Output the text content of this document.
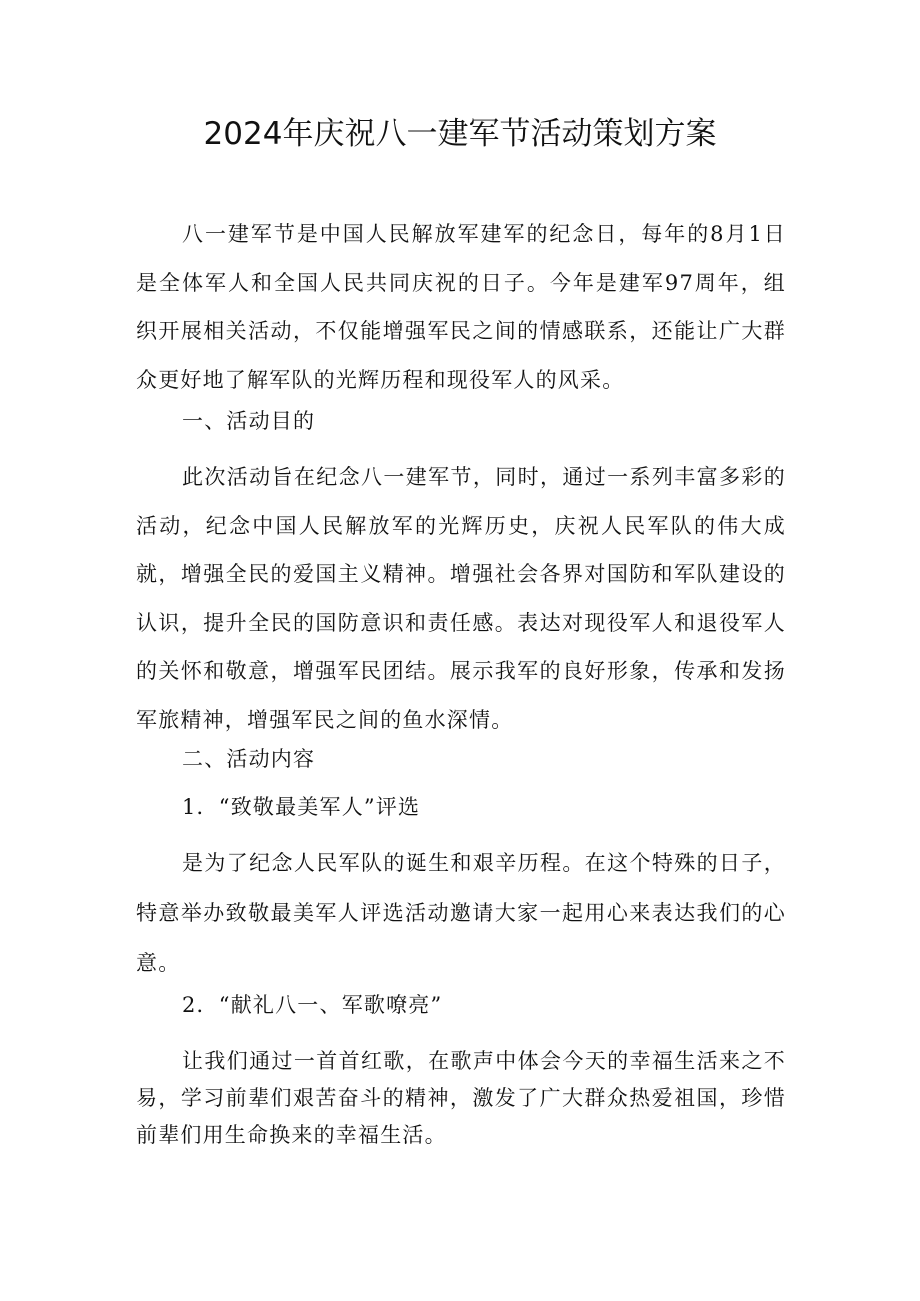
2024年庆祝八一建军节活动策划方案

八一建军节是中国人民解放军建军的纪念日，每年的8月1日是全体军人和全国人民共同庆祝的日子。今年是建军97周年，组织开展相关活动，不仅能增强军民之间的情感联系，还能让广大群众更好地了解军队的光辉历程和现役军人的风采。

一、活动目的

此次活动旨在纪念八一建军节，同时，通过一系列丰富多彩的活动，纪念中国人民解放军的光辉历史，庆祝人民军队的伟大成就，增强全民的爱国主义精神。增强社会各界对国防和军队建设的认识，提升全民的国防意识和责任感。表达对现役军人和退役军人的关怀和敬意，增强军民团结。展示我军的良好形象，传承和发扬军旅精神，增强军民之间的鱼水深情。

二、活动内容

1．“致敬最美军人”评选

是为了纪念人民军队的诞生和艰辛历程。在这个特殊的日子，特意举办致敬最美军人评选活动邀请大家一起用心来表达我们的心意。

2．“献礼八一、军歌嘹亮”

让我们通过一首首红歌，在歌声中体会今天的幸福生活来之不易，学习前辈们艰苦奋斗的精神，激发了广大群众热爱祖国，珍惜前辈们用生命换来的幸福生活。
